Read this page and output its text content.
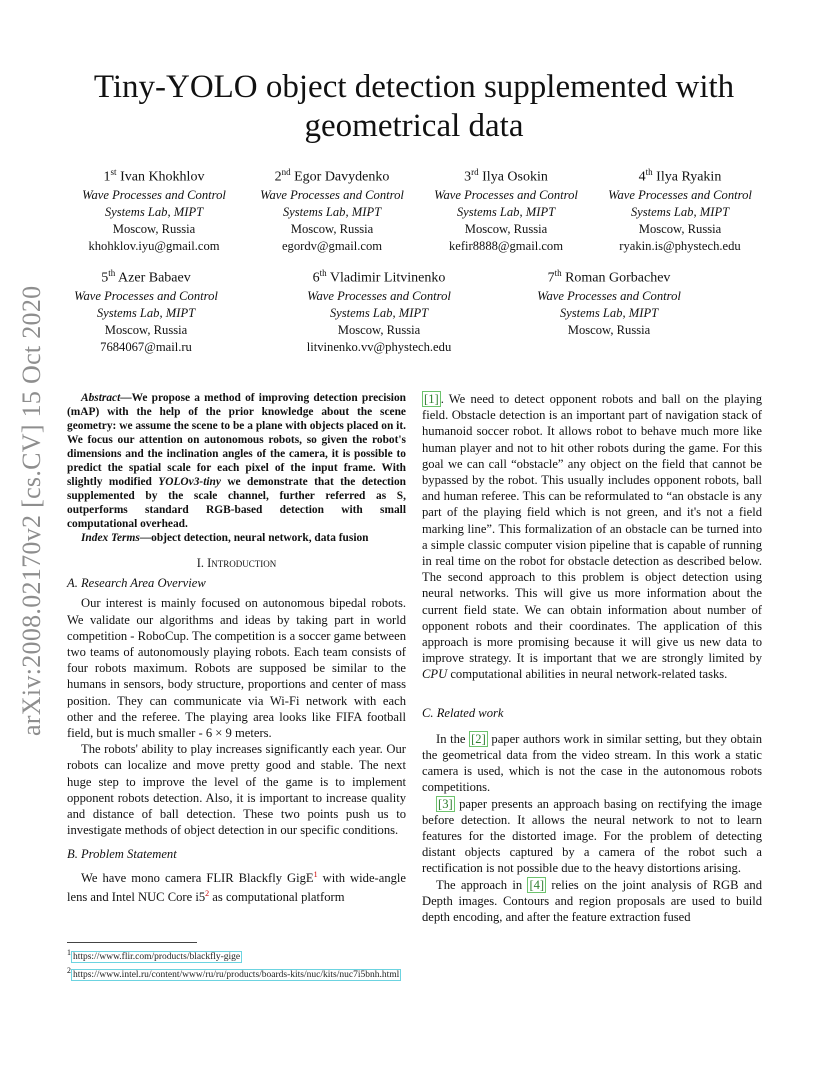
arXiv:2008.02170v2 [cs.CV] 15 Oct 2020
Tiny-YOLO object detection supplemented with
geometrical data
1st Ivan Khokhlov
Wave Processes and Control
Systems Lab, MIPT
Moscow, Russia
khohklov.iyu@gmail.com
2nd Egor Davydenko
Wave Processes and Control
Systems Lab, MIPT
Moscow, Russia
egordv@gmail.com
3rd Ilya Osokin
Wave Processes and Control
Systems Lab, MIPT
Moscow, Russia
kefir8888@gmail.com
4th Ilya Ryakin
Wave Processes and Control
Systems Lab, MIPT
Moscow, Russia
ryakin.is@phystech.edu
5th Azer Babaev
Wave Processes and Control
Systems Lab, MIPT
Moscow, Russia
7684067@mail.ru
6th Vladimir Litvinenko
Wave Processes and Control
Systems Lab, MIPT
Moscow, Russia
litvinenko.vv@phystech.edu
7th Roman Gorbachev
Wave Processes and Control
Systems Lab, MIPT
Moscow, Russia

Abstract—We propose a method of improving detection precision (mAP) with the help of the prior knowledge about the scene geometry: we assume the scene to be a plane with objects placed on it. We focus our attention on autonomous robots, so given the robot's dimensions and the inclination angles of the camera, it is possible to predict the spatial scale for each pixel of the input frame. With slightly modified YOLOv3-tiny we demonstrate that the detection supplemented by the scale channel, further referred as S, outperforms standard RGB-based detection with small computational overhead.

Index Terms—object detection, neural network, data fusion

I. Introduction
A. Research Area Overview

Our interest is mainly focused on autonomous bipedal robots. We validate our algorithms and ideas by taking part in world competition - RoboCup. The competition is a soccer game between two teams of autonomously playing robots. Each team consists of four robots maximum. Robots are supposed be similar to the humans in sensors, body structure, proportions and center of mass position. They can communicate via Wi-Fi network with each other and the referee. The playing area looks like FIFA football field, but is much smaller - 6 × 9 meters.

The robots' ability to play increases significantly each year. Our robots can localize and move pretty good and stable. The next huge step to improve the level of the game is to implement opponent robots detection. Also, it is important to increase quality and distance of ball detection. These two points push us to investigate methods of object detection in our specific conditions.

B. Problem Statement

We have mono camera FLIR Blackfly GigE$^1$ with wide-angle lens and Intel NUC Core i5$^2$ as computational platform

[1] . We need to detect opponent robots and ball on the playing field. Obstacle detection is an important part of navigation stack of humanoid soccer robot. It allows robot to behave much more like human player and not to hit other robots during the game. For this goal we can call “obstacle” any object on the field that cannot be bypassed by the robot. This usually includes opponent robots, ball and human referee. This can be reformulated to “an obstacle is any part of the playing field which is not green, and it's not a field marking line”. This formalization of an obstacle can be turned into a simple classic computer vision pipeline that is capable of running in real time on the robot for obstacle detection as described below. The second approach to this problem is object detection using neural networks. This will give us more information about the current field state. We can obtain information about number of opponent robots and their coordinates. The application of this approach is more promising because it will give us new data to improve strategy. It is important that we are strongly limited by CPU computational abilities in neural network-related tasks.

C. Related work

In the [2] paper authors work in similar setting, but they obtain the geometrical data from the video stream. In this work a static camera is used, which is not the case in the autonomous robots competitions.

[3] paper presents an approach basing on rectifying the image before detection. It allows the neural network to not to learn features for the distorted image. For the problem of detecting distant objects captured by a camera of the robot such a rectification is not possible due to the heavy distortions arising.

The approach in [4] relies on the joint analysis of RGB and Depth images. Contours and region proposals are used to build depth encoding, and after the feature extraction fused

$^1$ https://www.flir.com/products/blackfly-gige
$^2$ https://www.intel.ru/content/www/ru/ru/products/boards-kits/nuc/kits/nuc7i5bnh.html
